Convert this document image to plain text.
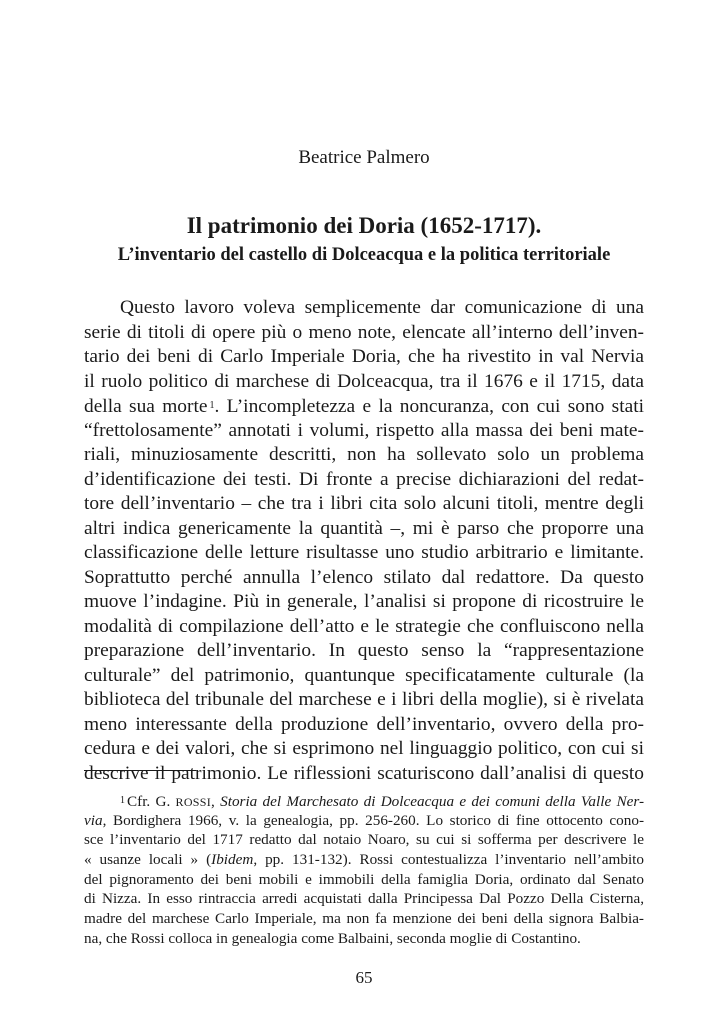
Beatrice Palmero
Il patrimonio dei Doria (1652-1717).
L’inventario del castello di Dolceacqua e la politica territoriale
Questo lavoro voleva semplicemente dar comunicazione di una
serie di titoli di opere più o meno note, elencate all’interno dell’inven-
tario dei beni di Carlo Imperiale Doria, che ha rivestito in val Nervia
il ruolo politico di marchese di Dolceacqua, tra il 1676 e il 1715, data
della sua morte $^1$. L’incompletezza e la noncuranza, con cui sono stati
“frettolosamente” annotati i volumi, rispetto alla massa dei beni mate-
riali, minuziosamente descritti, non ha sollevato solo un problema
d’identificazione dei testi. Di fronte a precise dichiarazioni del redat-
tore dell’inventario – che tra i libri cita solo alcuni titoli, mentre degli
altri indica genericamente la quantità –, mi è parso che proporre una
classificazione delle letture risultasse uno studio arbitrario e limitante.
Soprattutto perché annulla l’elenco stilato dal redattore. Da questo
muove l’indagine. Più in generale, l’analisi si propone di ricostruire le
modalità di compilazione dell’atto e le strategie che confluiscono nella
preparazione dell’inventario. In questo senso la “rappresentazione
culturale” del patrimonio, quantunque specificatamente culturale (la
biblioteca del tribunale del marchese e i libri della moglie), si è rivelata
meno interessante della produzione dell’inventario, ovvero della pro-
cedura e dei valori, che si esprimono nel linguaggio politico, con cui si
descrive il patrimonio. Le riflessioni scaturiscono dall’analisi di questo
1 Cfr. G. ROSSI, Storia del Marchesato di Dolceacqua e dei comuni della Valle Ner-
via, Bordighera 1966, v. la genealogia, pp. 256-260. Lo storico di fine ottocento cono-
sce l’inventario del 1717 redatto dal notaio Noaro, su cui si sofferma per descrivere le
« usanze locali » (Ibidem, pp. 131-132). Rossi contestualizza l’inventario nell’ambito
del pignoramento dei beni mobili e immobili della famiglia Doria, ordinato dal Senato
di Nizza. In esso rintraccia arredi acquistati dalla Principessa Dal Pozzo Della Cisterna,
madre del marchese Carlo Imperiale, ma non fa menzione dei beni della signora Balbia-
na, che Rossi colloca in genealogia come Balbaini, seconda moglie di Costantino.
65
